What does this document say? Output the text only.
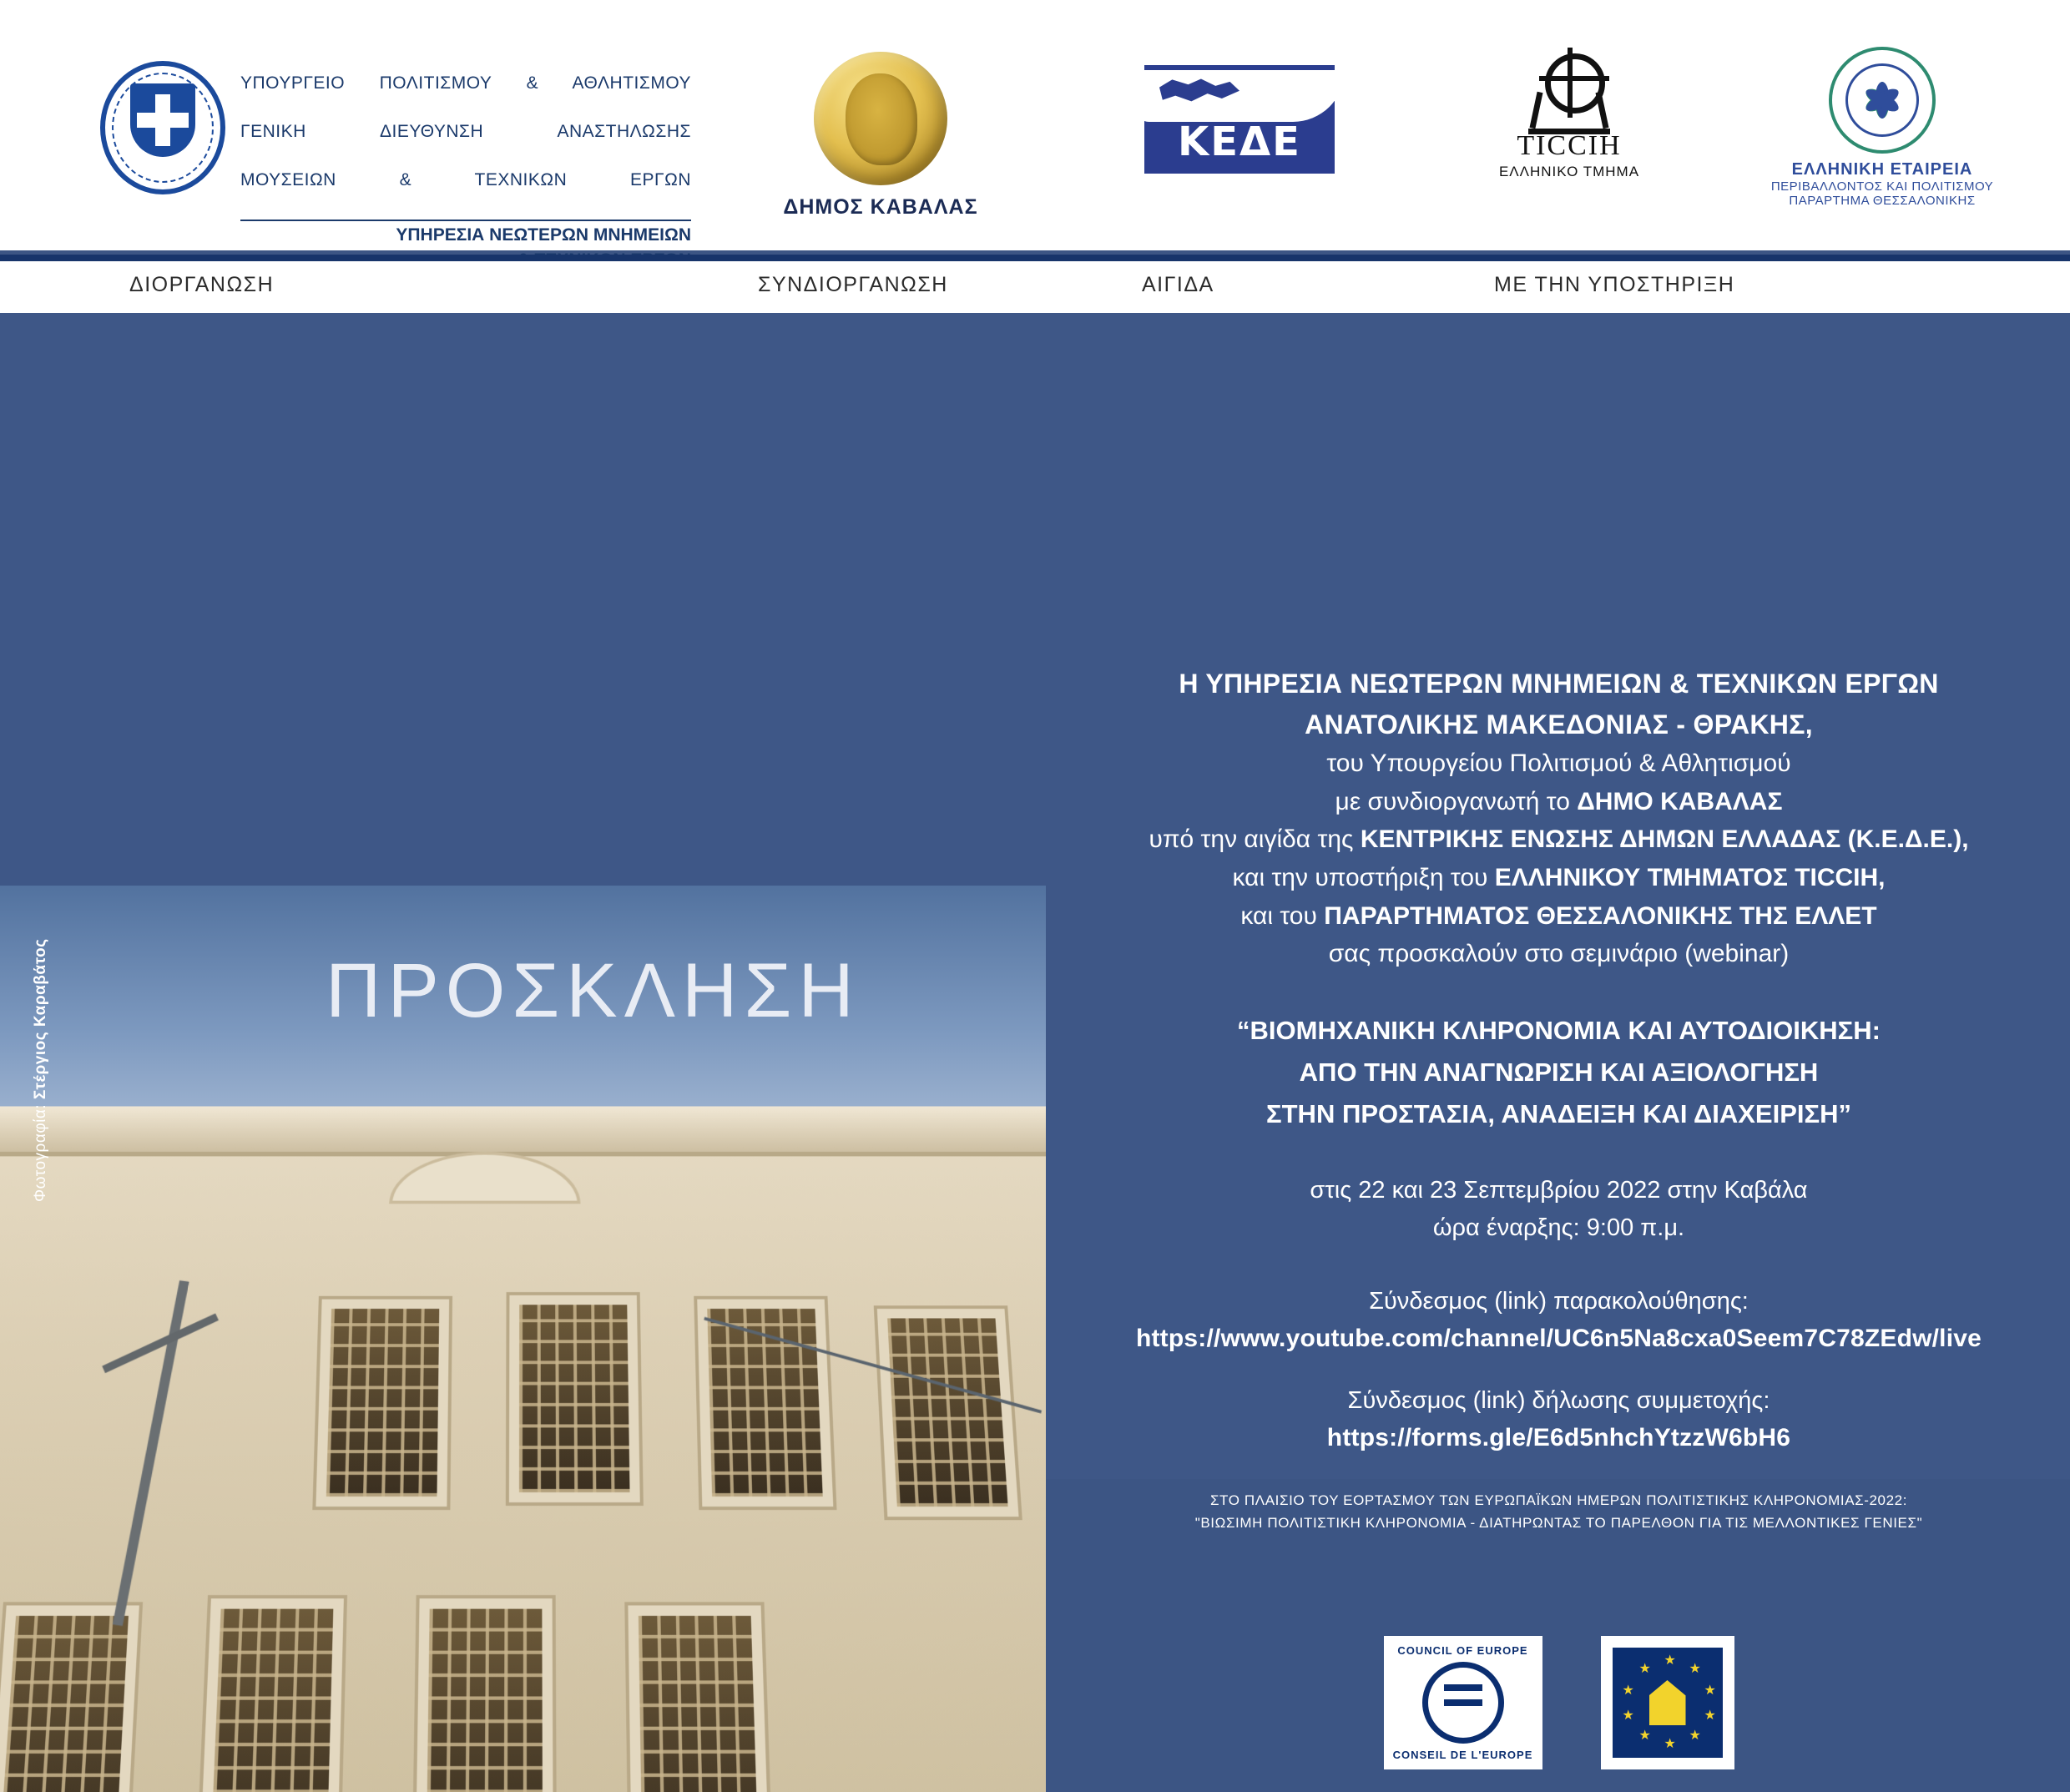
ΥΠΟΥΡΓΕΙΟ ΠΟΛΙΤΙΣΜΟΥ & ΑΘΛΗΤΙΣΜΟΥ
ΓΕΝΙΚΗ ΔΙΕΥΘΥΝΣΗ ΑΝΑΣΤΗΛΩΣΗΣ
ΜΟΥΣΕΙΩΝ & ΤΕΧΝΙΚΩΝ ΕΡΓΩΝ
ΥΠΗΡΕΣΙΑ ΝΕΩΤΕΡΩΝ ΜΝΗΜΕΙΩΝ
ΔΗΜΟΣ ΚΑΒΑΛΑΣ
ΚΕΔΕ	TICCIH
ΕΛΛΗΝΙΚΟ ΤΜΗΜΑ	ΕΛΛΗΝΙΚΗ ΕΤΑΙΡΕΙΑ
ΠΕΡΙΒΑΛΛΟΝΤΟΣ ΚΑΙ ΠΟΛΙΤΙΣΜΟΥ
ΠΑΡΑΡΤΗΜΑ ΘΕΣΣΑΛΟΝΙΚΗΣ
ΔΙΟΡΓΑΝΩΣΗ	ΣΥΝΔΙΟΡΓΑΝΩΣΗ	ΑΙΓΙΔΑ	ΜΕ ΤΗΝ ΥΠΟΣΤΗΡΙΞΗ
Φωτογραφία: Στέργιος Καραβάτος	ΠΡΟΣΚΛΗΣΗ
Η ΥΠΗΡΕΣΙΑ ΝΕΩΤΕΡΩΝ ΜΝΗΜΕΙΩΝ & ΤΕΧΝΙΚΩΝ ΕΡΓΩΝ
ΑΝΑΤΟΛΙΚΗΣ ΜΑΚΕΔΟΝΙΑΣ - ΘΡΑΚΗΣ,
του Υπουργείου Πολιτισμού & Αθλητισμού
με συνδιοργανωτή το ΔΗΜΟ ΚΑΒΑΛΑΣ
υπό την αιγίδα της ΚΕΝΤΡΙΚΗΣ ΕΝΩΣΗΣ ΔΗΜΩΝ ΕΛΛΑΔΑΣ (Κ.Ε.Δ.Ε.),
και την υποστήριξη του ΕΛΛΗΝΙΚΟΥ ΤΜΗΜΑΤΟΣ TICCIH,
και του ΠΑΡΑΡΤΗΜΑΤΟΣ ΘΕΣΣΑΛΟΝΙΚΗΣ ΤΗΣ ΕΛΛΕΤ
σας προσκαλούν στο σεμινάριο (webinar)
“ΒΙΟΜΗΧΑΝΙΚΗ ΚΛΗΡΟΝΟΜΙΑ ΚΑΙ ΑΥΤΟΔΙΟΙΚΗΣΗ:
ΑΠΟ ΤΗΝ ΑΝΑΓΝΩΡΙΣΗ ΚΑΙ ΑΞΙΟΛΟΓΗΣΗ
ΣΤΗΝ ΠΡΟΣΤΑΣΙΑ, ΑΝΑΔΕΙΞΗ ΚΑΙ ΔΙΑΧΕΙΡΙΣΗ”
στις 22 και 23 Σεπτεμβρίου 2022 στην Καβάλα
ώρα έναρξης: 9:00 π.μ.
Σύνδεσμος (link) παρακολούθησης:
https://www.youtube.com/channel/UC6n5Na8cxa0Seem7C78ZEdw/live
Σύνδεσμος (link) δήλωσης συμμετοχής:
https://forms.gle/E6d5nhchYtzzW6bH6
ΣΤΟ ΠΛΑΙΣΙΟ ΤΟΥ ΕΟΡΤΑΣΜΟΥ ΤΩΝ ΕΥΡΩΠΑΪΚΩΝ ΗΜΕΡΩΝ ΠΟΛΙΤΙΣΤΙΚΗΣ ΚΛΗΡΟΝΟΜΙΑΣ-2022:
"ΒΙΩΣΙΜΗ ΠΟΛΙΤΙΣΤΙΚΗ ΚΛΗΡΟΝΟΜΙΑ - ΔΙΑΤΗΡΩΝΤΑΣ ΤΟ ΠΑΡΕΛΘΟΝ ΓΙΑ ΤΙΣ ΜΕΛΛΟΝΤΙΚΕΣ ΓΕΝΙΕΣ"
COUNCIL OF EUROPE
CONSEIL DE L'EUROPE
★
★
★
★
★
★
★
★
★
★
